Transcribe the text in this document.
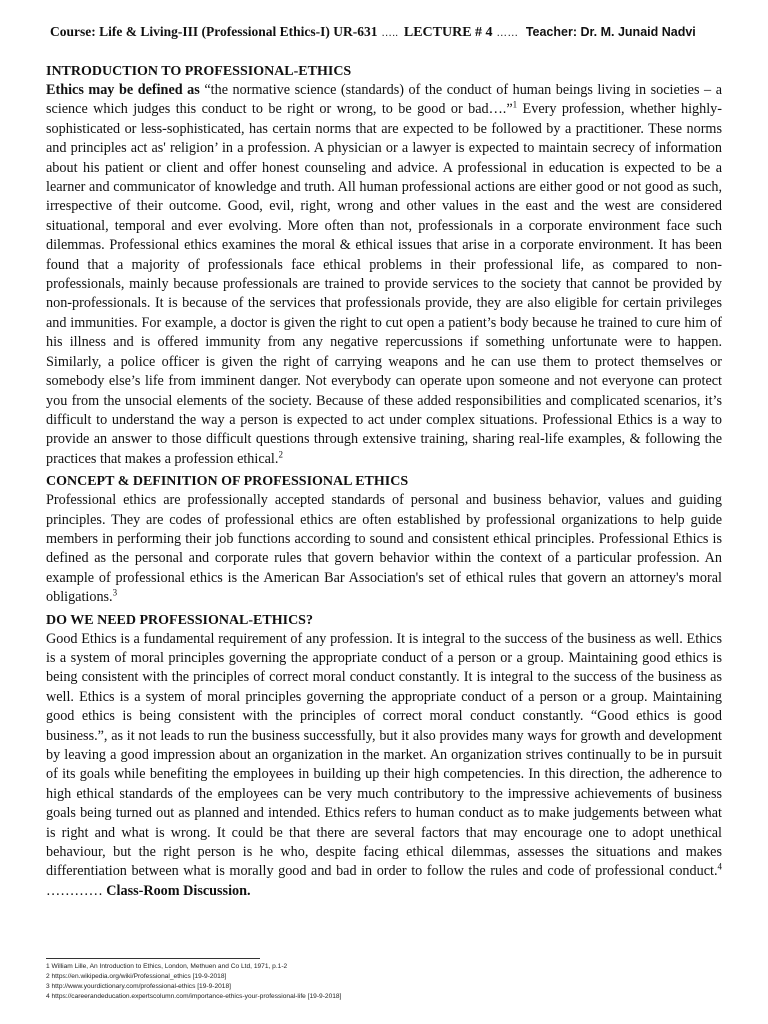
Course: Life & Living-III (Professional Ethics-I) UR-631 ….. LECTURE # 4 …… Teacher: Dr. M. Junaid Nadvi
INTRODUCTION TO PROFESSIONAL-ETHICS

Ethics may be defined as “the normative science (standards) of the conduct of human beings living in societies – a science which judges this conduct to be right or wrong, to be good or bad….”$^1$ Every profession, whether highly-sophisticated or less-sophisticated, has certain norms that are expected to be followed by a practitioner. These norms and principles act as' religion’ in a profession. A physician or a lawyer is expected to maintain secrecy of information about his patient or client and offer honest counseling and advice. A professional in education is expected to be a learner and communicator of knowledge and truth. All human professional actions are either good or not good as such, irrespective of their outcome. Good, evil, right, wrong and other values in the east and the west are considered situational, temporal and ever evolving. More often than not, professionals in a corporate environment face such dilemmas. Professional ethics examines the moral & ethical issues that arise in a corporate environment. It has been found that a majority of professionals face ethical problems in their professional life, as compared to non-professionals, mainly because professionals are trained to provide services to the society that cannot be provided by non-professionals. It is because of the services that professionals provide, they are also eligible for certain privileges and immunities. For example, a doctor is given the right to cut open a patient’s body because he trained to cure him of his illness and is offered immunity from any negative repercussions if something unfortunate were to happen. Similarly, a police officer is given the right of carrying weapons and he can use them to protect themselves or somebody else’s life from imminent danger. Not everybody can operate upon someone and not everyone can protect you from the unsocial elements of the society. Because of these added responsibilities and complicated scenarios, it’s difficult to understand the way a person is expected to act under complex situations. Professional Ethics is a way to provide an answer to those difficult questions through extensive training, sharing real-life examples, & following the practices that makes a profession ethical.$^2$

CONCEPT & DEFINITION OF PROFESSIONAL ETHICS

Professional ethics are professionally accepted standards of personal and business behavior, values and guiding principles. They are codes of professional ethics are often established by professional organizations to help guide members in performing their job functions according to sound and consistent ethical principles. Professional Ethics is defined as the personal and corporate rules that govern behavior within the context of a particular profession. An example of professional ethics is the American Bar Association's set of ethical rules that govern an attorney's moral obligations.$^3$

DO WE NEED PROFESSIONAL-ETHICS?

Good Ethics is a fundamental requirement of any profession. It is integral to the success of the business as well. Ethics is a system of moral principles governing the appropriate conduct of a person or a group. Maintaining good ethics is being consistent with the principles of correct moral conduct constantly. It is integral to the success of the business as well. Ethics is a system of moral principles governing the appropriate conduct of a person or a group. Maintaining good ethics is being consistent with the principles of correct moral conduct constantly. “Good ethics is good business.”, as it not leads to run the business successfully, but it also provides many ways for growth and development by leaving a good impression about an organization in the market. An organization strives continually to be in pursuit of its goals while benefiting the employees in building up their high competencies. In this direction, the adherence to high ethical standards of the employees can be very much contributory to the impressive achievements of business goals being turned out as planned and intended. Ethics refers to human conduct as to make judgements between what is right and what is wrong. It could be that there are several factors that may encourage one to adopt unethical behaviour, but the right person is he who, despite facing ethical dilemmas, assesses the situations and makes differentiation between what is morally good and bad in order to follow the rules and code of professional conduct.$^4$ ………… Class-Room Discussion.

1 William Lille, An Introduction to Ethics, London, Methuen and Co Ltd, 1971, p.1-2
2 https://en.wikipedia.org/wiki/Professional_ethics [19-9-2018]
3 http://www.yourdictionary.com/professional-ethics [19-9-2018]
4 https://careerandeducation.expertscolumn.com/importance-ethics-your-professional-life [19-9-2018]
